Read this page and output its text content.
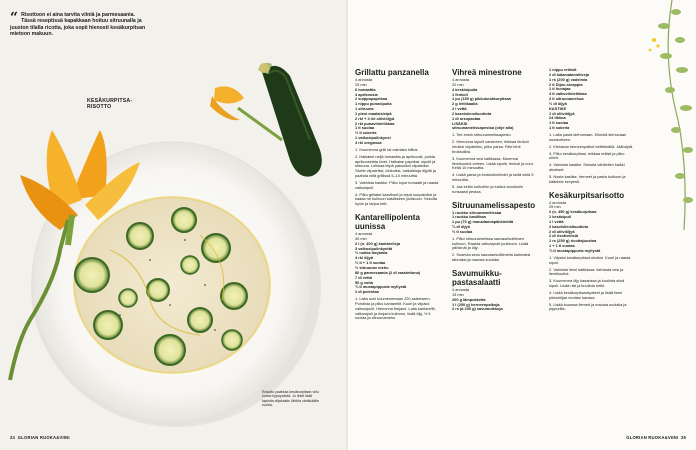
“ Risottoon ei aina tarvita viiniä ja parmesaania. Tässä reseptissä kapakkaan hoituu sitruunalla ja juuston tilalla ricotta, joka sopii hienosti kesäkurpitsan mietoon makuun.
KESÄKURPITSA-
RISOTTO
Rosotto paahtaa kesäkurpitsan viisi kurssi kypsyvästä. Jo linkit lisäti tapioita viljakastin lähtöa värikkäälle ruokia.
24 GLORIAN RUOKA&VIINI
Grillattu panzanella
4 annosta
25 min
6 tomaattia
4 aprikoosia
2 suippopaprikaa
1 nippu punasipulia
1 sitruuna
1 pieni maalaisleipä
2 rkl + 4 rkl oliiviöljyä
2 rkl punaviinietikkaa
1 tl suolaa
½ tl sokeria
1 valkosipulinkynsi
4 rkl oreganoa
1. Kuumenna grilli tai valmista hiillos.
2. Halkaise neljä tomaattia ja aprikoosit, poista aprikooseista kivet. Halkaise paprikat, sipulit ja sitruuna. Leikkaa leipä paksuiksi viipaleiksi. Sivele viipaleiksi, lohkoiksi, halkaistuja öljyllä ja paahda niitä grillissä 5–10 minuuttia.
3. Valmista kastike. Pilko loput tomaatit ja raasta valkosipuli.
4. Pilko grillatut kasvikset ja leipä suupaloiksi ja kaada ne kulhoon kastikkeen joukkoon. Sekoita hyvin ja tarjoa heti.
Kantarellipolenta uunissa
4 annosta
30 min
2 l (n. 400 g) kantarelleja
3 valkosipulinkynttä
½ nukka timjamia
4 rkl öljyä
½ tl + 1 tl suolaa
½ sitruunan mehu
80 g parmesaania (2 dl raastettuna)
7 dl vettä
50 g voita
¾ tl mustapippuria myllystä
2 dl polentaa
1. Laita uuni kuumenemaan 220 asteeseen. Puhdista ja pilko kantarellit. Kuori ja viipaloi valkosipulit. Hienonna timjami. Laita kantarellit, valkosipuli ja timjami kulhoon, lisää öljy, ½ tl suolaa ja sitruunamehu.
Vihreä minestrone
4 annosta
20 min
4 keskisipulia
1 fenkoli
1 pu (150 g) pikkukesäkurpitsaa
2 g lehtikaalia
2 l vettä
2 kasvisliemikuutiota
1 dl orzopastaa
LISÄKSI
sitruunamelissapestoa (ohje alla)
1. Tee ensin sitruunamelissapesto.
2. Hienonna sipulit varsineen, leikkaa fenkoli ohuiksi viipaleiksi, pilko parsa. Riivi lehti brokkoliksi.
3. Kuumenna vesi kattilassa. Murenna liemikuutiot veteen. Lisää sipulit, fenkoli ja orzo. Keitä 10 minuuttia.
4. Lisää parsa ja brokkolinlehdet ja keitä vielä 5 minuuttia.
5. Jaa keitto kulhoihin ja lusikoi annoksiin runsaasti pestoa.
Sitruunamelissapesto
1 ruukku sitruunamelissaa
1 ruukku basilikaa
1 pu (70 g) macadamiapähkinöitä
¾ dl öljyä
½ tl suolaa
1. Pilko sitruunamelissa sauvasekoittimen kulhoon. Raasta valkosipulit joukkoon. Lisää pähkinät ja öljy.
2. Soseuta seos sauvasekoittimella karkeaksi tahnaksi ja mausta suolalla.
Savumuikku-pastasalaatti
4 annosta
15 min
200 g lämpukkeita
1 l (250 g) herneenpalkoja
2 rs (à 200 g) savumuikkuja
1 nippu retiisiä
2 dl kalamatanoliiveja
1 rs (200 g) vadelmia
2 tl Dijon-sinappia
1 tl hunajaa
4 tl valkoviinietikkaa
2 tl sitruunamehua
½ dl öljyä
KASTIKE
1 dl oliiviöljyä
24 tikkua
1 tl suolaa
1 tl sokeria
1. Laita pasta kiehumaan. Kiinnitä kiehuvaan suolaveteen.
2. Kiehauta herneenpalkot keittämällä. Jäähdytä.
3. Pilko kesäkurpitsat, leikkaa retiisit ja pilko oliivit.
4. Valmista kastike. Sekoita vähitellen kaikki ainekset.
5. Nosta kastike, herneet ja pasta kulhoon ja kääntele kevyesti.
Kesäkurpitsarisotto
4 annosta
25 min
2 (n. 450 g) kesäkurpitsaa
1 kesäsipuli
1 l vettä
2 kasvisliemikuutiota
2 dl oliiviöljyä
2 dl risottoriisiä
1 rs (250 g) ricottajuustoa
1 + 1 tl suolaa
¾ tl mustapippuria myllystä
1. Viipaloi kesäkurpitsat ohuiksi. Kuori ja raasta sipuli.
2. Valmista liemi kattilassa: kiehauta vesi ja liemikuutiot.
3. Kuumenna öljy kasarissa ja kuullota siinä sipuli. Lisää riisi ja kuullota hetki.
4. Lisää kesäkurpitsaviipaleet ja lisää liemi pikkuhiljaa ricottan kanssa.
5. Lisää kuumaa liemeä ja mausta suolalla ja pippurilla.
GLORIAN RUOKA&VIINI 25
